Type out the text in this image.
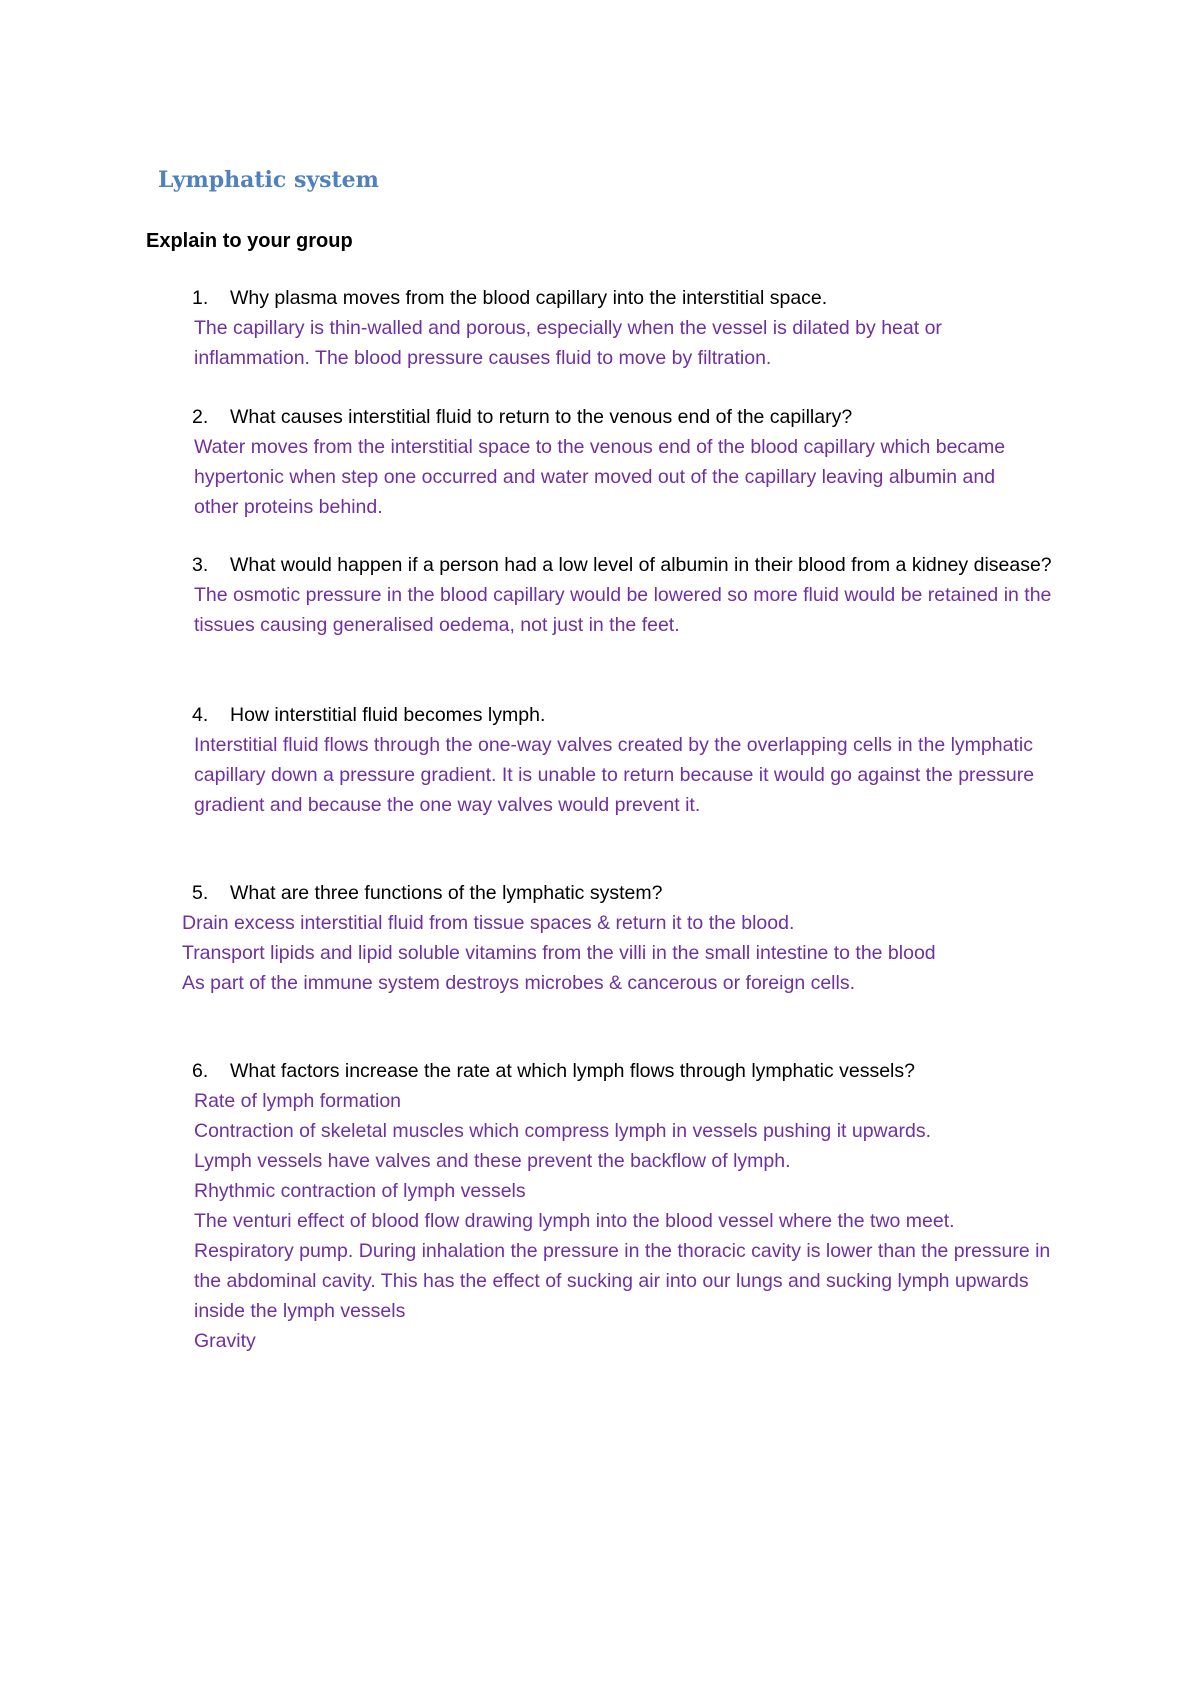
Lymphatic system
Explain to your group
1. Why plasma moves from the blood capillary into the interstitial space.
The capillary is thin-walled and porous, especially when the vessel is dilated by heat or inflammation. The blood pressure causes fluid to move by filtration.
2. What causes interstitial fluid to return to the venous end of the capillary?
Water moves from the interstitial space to the venous end of the blood capillary which became hypertonic when step one occurred and water moved out of the capillary leaving albumin and other proteins behind.
3. What would happen if a person had a low level of albumin in their blood from a kidney disease?
The osmotic pressure in the blood capillary would be lowered so more fluid would be retained in the tissues causing generalised oedema, not just in the feet.
4. How interstitial fluid becomes lymph.
Interstitial fluid flows through the one-way valves created by the overlapping cells in the lymphatic capillary down a pressure gradient. It is unable to return because it would go against the pressure gradient and because the one way valves would prevent it.
5. What are three functions of the lymphatic system?
Drain excess interstitial fluid from tissue spaces & return it to the blood.
Transport lipids and lipid soluble vitamins from the villi in the small intestine to the blood
As part of the immune system destroys microbes & cancerous or foreign cells.
6. What factors increase the rate at which lymph flows through lymphatic vessels?
Rate of lymph formation
Contraction of skeletal muscles which compress lymph in vessels pushing it upwards.
Lymph vessels have valves and these prevent the backflow of lymph.
Rhythmic contraction of lymph vessels
The venturi effect of blood flow drawing lymph into the blood vessel where the two meet.
Respiratory pump. During inhalation the pressure in the thoracic cavity is lower than the pressure in the abdominal cavity. This has the effect of sucking air into our lungs and sucking lymph upwards inside the lymph vessels
Gravity
